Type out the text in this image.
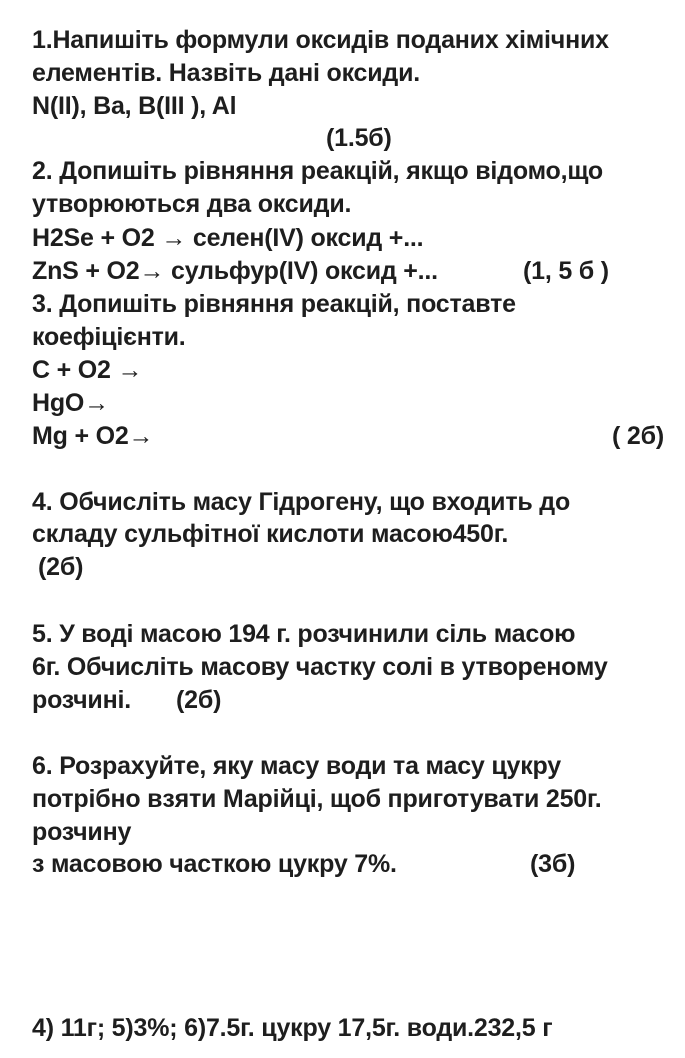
1.Напишіть формули оксидів поданих хімічних
елементів. Назвіть дані оксиди.
N(II), Ba, B(III ), Al
(1.5б)
2. Допишіть рівняння реакцій, якщо відомо,що
утворюються два оксиди.
H2Se + O2 → селен(IV) оксид +...
ZnS + O2→ сульфур(IV) оксид +...	(1, 5 б )
3. Допишіть рівняння реакцій, поставте
коефіцієнти.
C + O2 →
HgO→
Mg + O2→	( 2б)
4. Обчисліть масу Гідрогену, що входить до
складу сульфітної кислоти масою450г.
(2б)
5. У воді масою 194 г. розчинили сіль масою
6г. Обчисліть масову частку солі в утвореному
розчині. (2б)
6. Розрахуйте, яку масу води та масу цукру
потрібно взяти Марійці, щоб приготувати 250г.
розчину
з масовою часткою цукру 7%.	(3б)
4) 11г; 5)3%; 6)7.5г. цукру 17,5г. води.232,5 г
